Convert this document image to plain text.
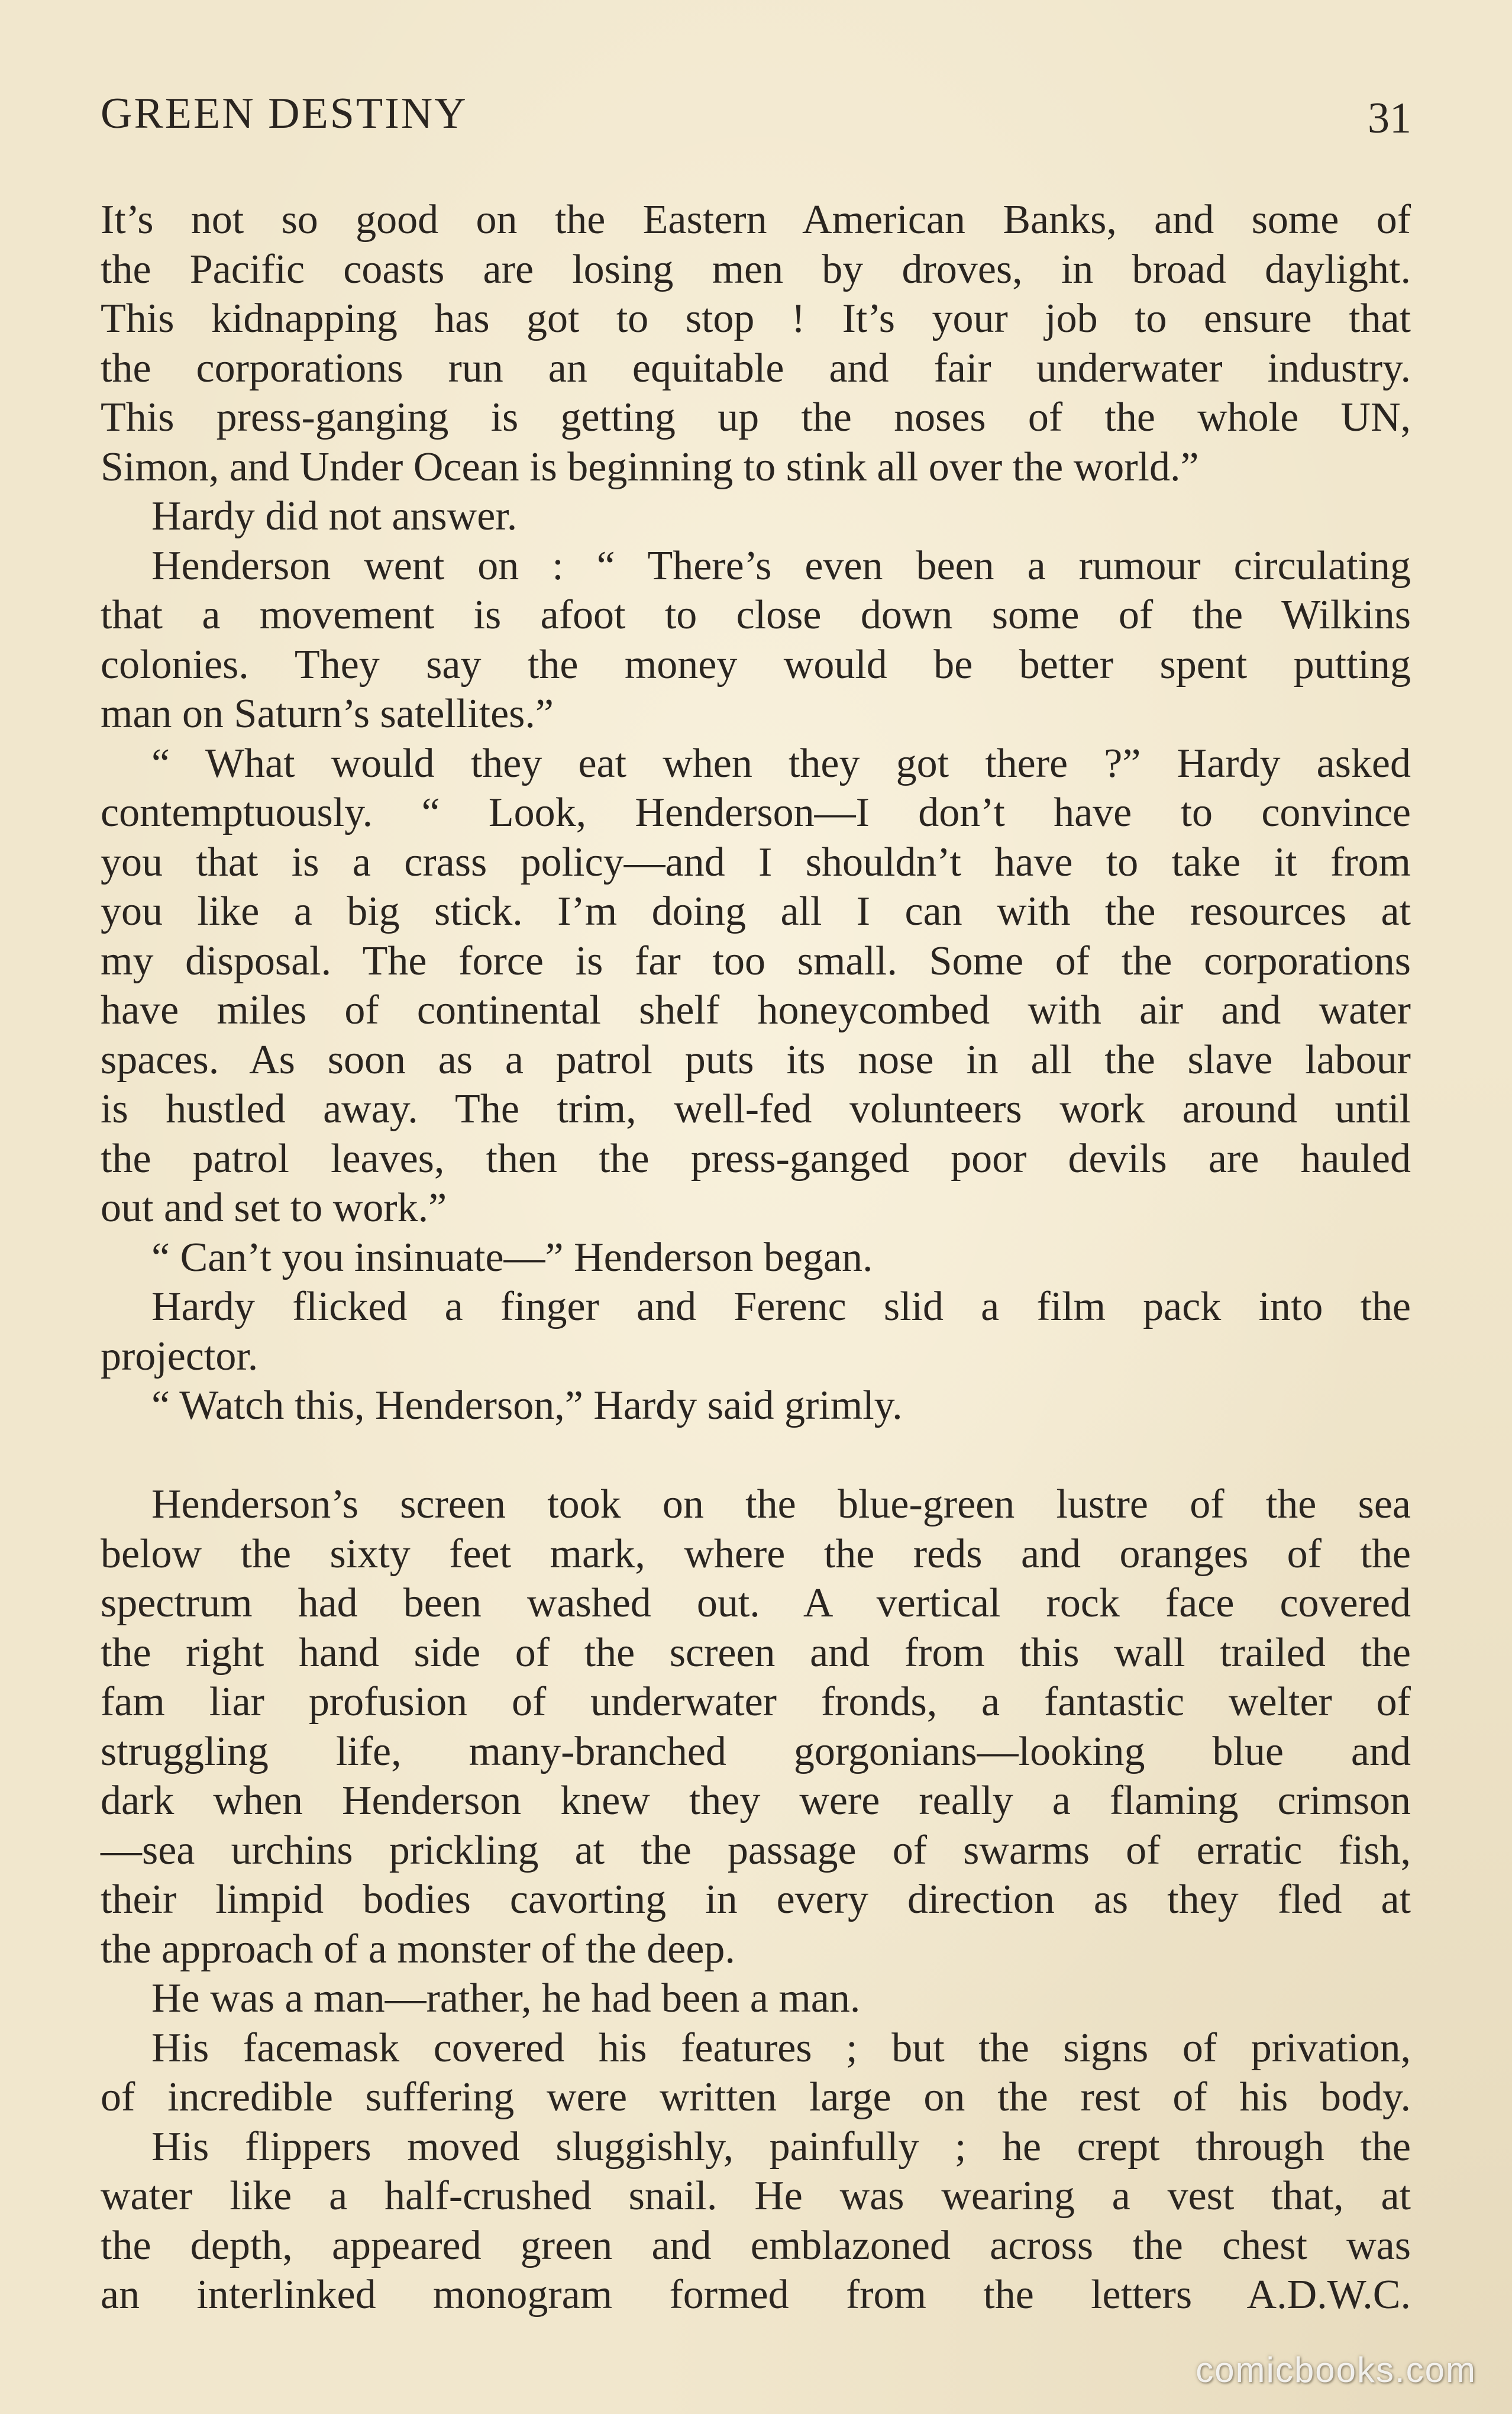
GREEN DESTINY	31
It’s not so good on the Eastern American Banks, and some of
the Pacific coasts are losing men by droves, in broad daylight.
This kidnapping has got to stop ! It’s your job to ensure that
the corporations run an equitable and fair underwater industry.
This press-ganging is getting up the noses of the whole UN,
Simon, and Under Ocean is beginning to stink all over the world.”
Hardy did not answer.
Henderson went on : “ There’s even been a rumour circulating
that a movement is afoot to close down some of the Wilkins
colonies. They say the money would be better spent putting
man on Saturn’s satellites.”
“ What would they eat when they got there ?” Hardy asked
contemptuously. “ Look, Henderson—I don’t have to convince
you that is a crass policy—and I shouldn’t have to take it from
you like a big stick. I’m doing all I can with the resources at
my disposal. The force is far too small. Some of the corporations
have miles of continental shelf honeycombed with air and water
spaces. As soon as a patrol puts its nose in all the slave labour
is hustled away. The trim, well-fed volunteers work around until
the patrol leaves, then the press-ganged poor devils are hauled
out and set to work.”
“ Can’t you insinuate—” Henderson began.
Hardy flicked a finger and Ferenc slid a film pack into the
projector.
“ Watch this, Henderson,” Hardy said grimly.
Henderson’s screen took on the blue-green lustre of the sea
below the sixty feet mark, where the reds and oranges of the
spectrum had been washed out. A vertical rock face covered
the right hand side of the screen and from this wall trailed the
fam liar profusion of underwater fronds, a fantastic welter of
struggling life, many-branched gorgonians—looking blue and
dark when Henderson knew they were really a flaming crimson
—sea urchins prickling at the passage of swarms of erratic fish,
their limpid bodies cavorting in every direction as they fled at
the approach of a monster of the deep.
He was a man—rather, he had been a man.
His facemask covered his features ; but the signs of privation,
of incredible suffering were written large on the rest of his body.
His flippers moved sluggishly, painfully ; he crept through the
water like a half-crushed snail. He was wearing a vest that, at
the depth, appeared green and emblazoned across the chest was
an interlinked monogram formed from the letters A.D.W.C.
comicbooks.com
